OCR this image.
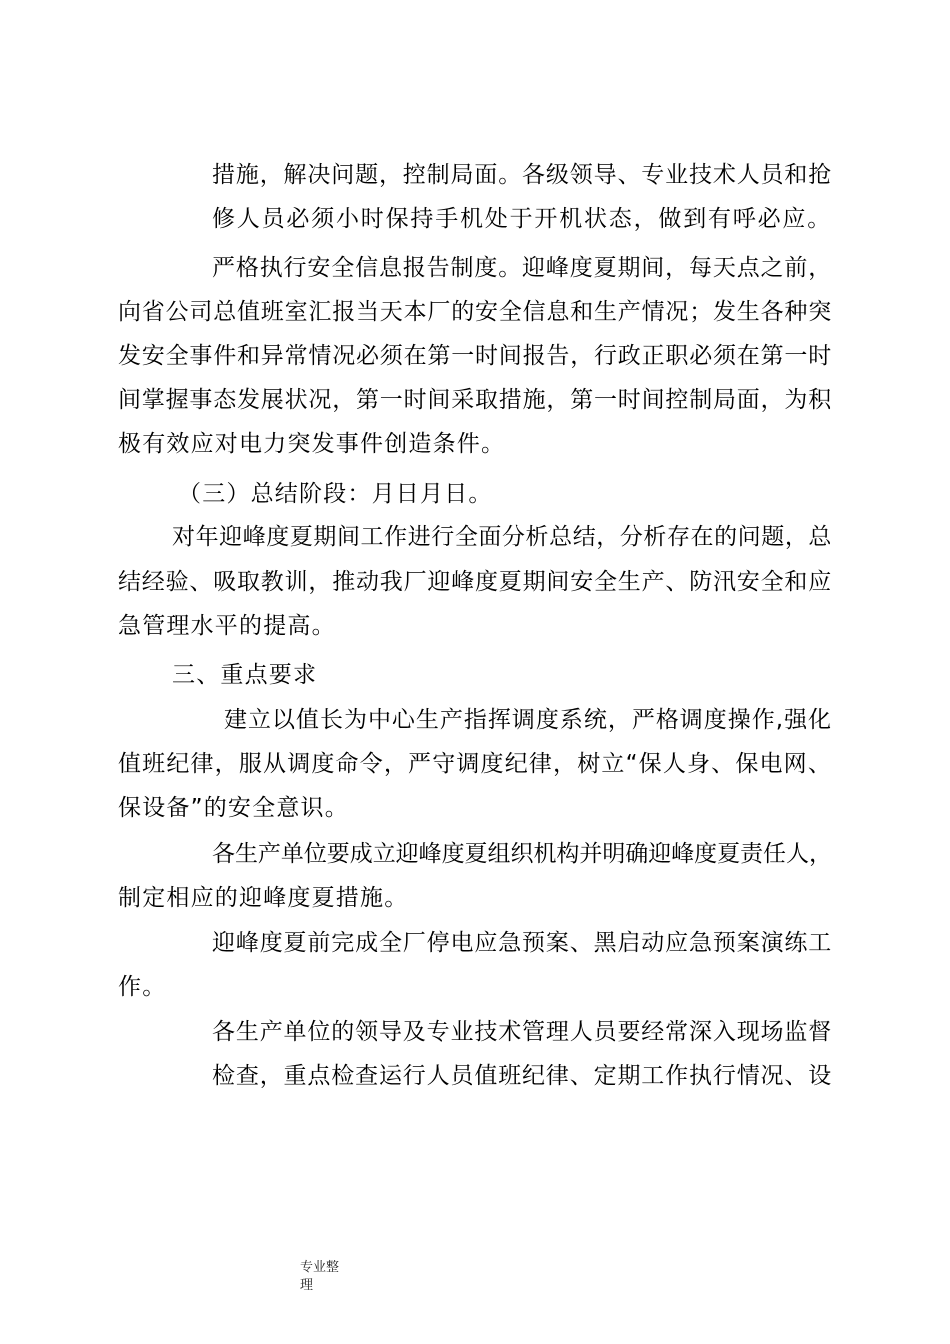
措施，解决问题，控制局面。各级领导、专业技术人员和抢
修人员必须小时保持手机处于开机状态，做到有呼必应。
严格执行安全信息报告制度。迎峰度夏期间，每天点之前，
向省公司总值班室汇报当天本厂的安全信息和生产情况；发生各种突
发安全事件和异常情况必须在第一时间报告，行政正职必须在第一时
间掌握事态发展状况，第一时间采取措施，第一时间控制局面，为积
极有效应对电力突发事件创造条件。
（三）总结阶段：月日月日。
对年迎峰度夏期间工作进行全面分析总结，分析存在的问题，总
结经验、吸取教训，推动我厂迎峰度夏期间安全生产、防汛安全和应
急管理水平的提高。
三、重点要求
建立以值长为中心生产指挥调度系统，严格调度操作,强化
值班纪律，服从调度命令，严守调度纪律，树立“保人身、保电网、
保设备”的安全意识。
各生产单位要成立迎峰度夏组织机构并明确迎峰度夏责任人，
制定相应的迎峰度夏措施。
迎峰度夏前完成全厂停电应急预案、黑启动应急预案演练工
作。
各生产单位的领导及专业技术管理人员要经常深入现场监督
检查，重点检查运行人员值班纪律、定期工作执行情况、设
专业整
理
